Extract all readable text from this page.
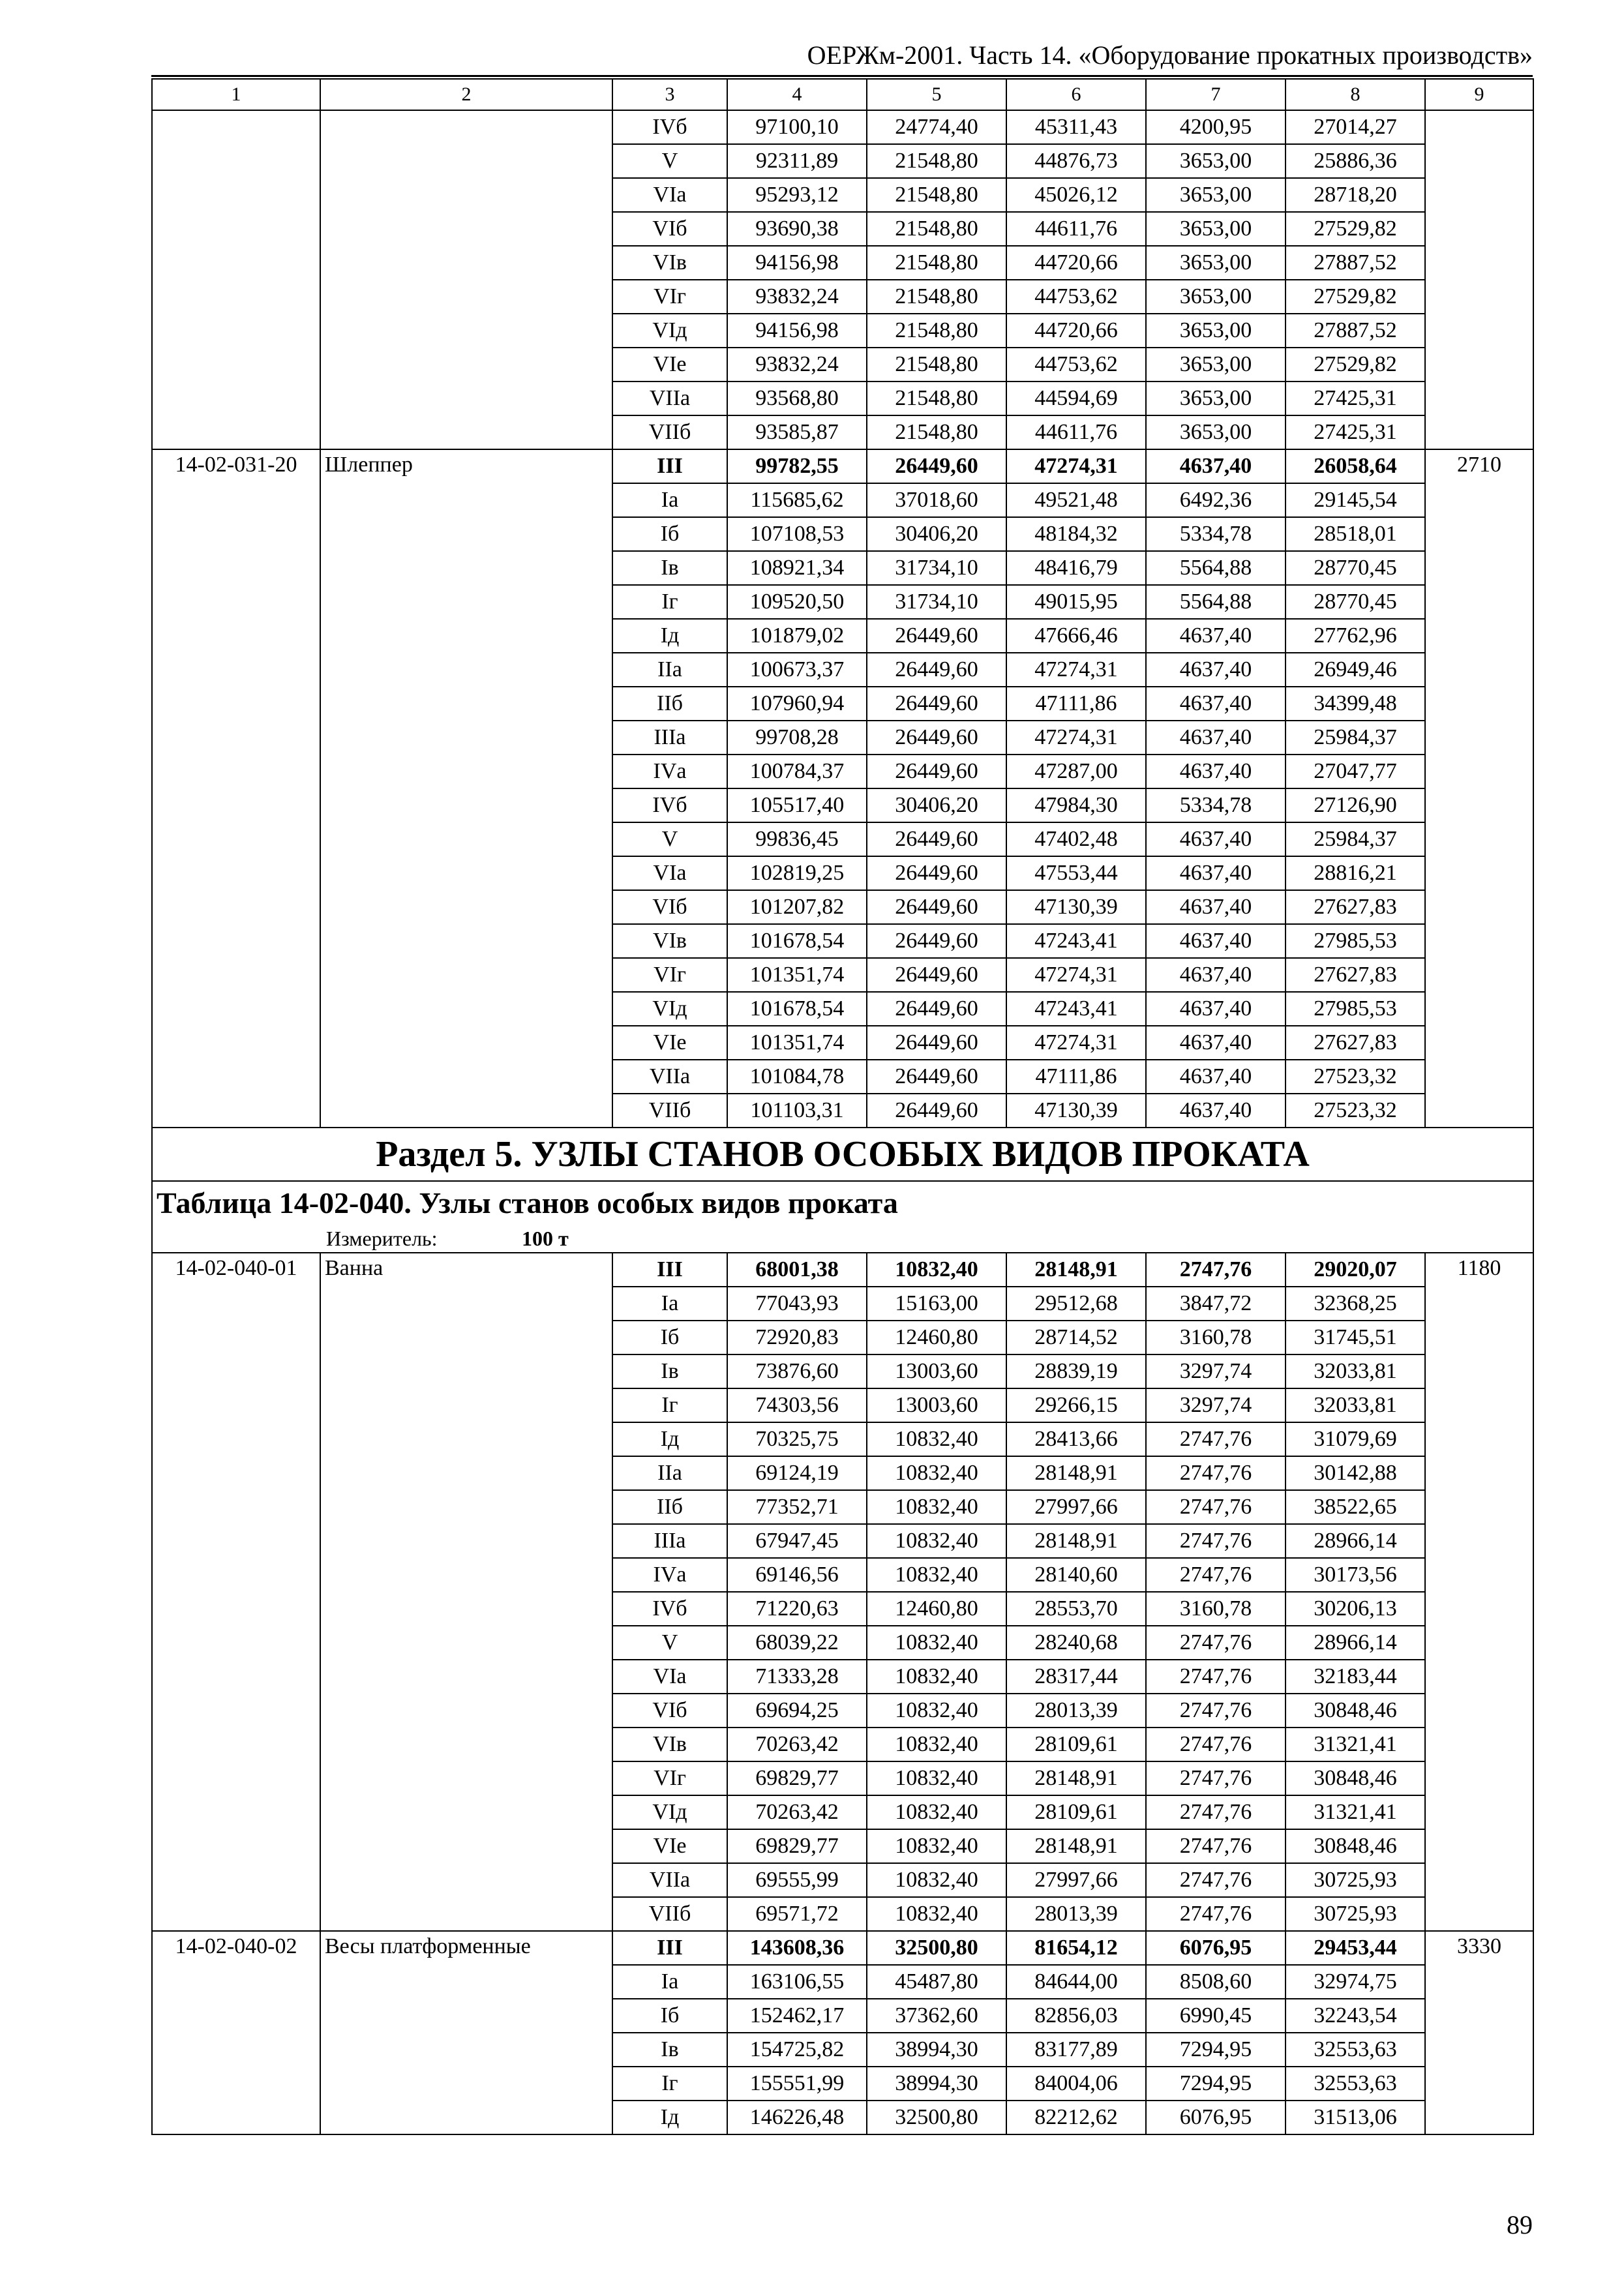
ОЕРЖм-2001. Часть 14. «Оборудование прокатных производств»
1	2	3	4	5	6	7	8	9
		IVб	97100,10	24774,40	45311,43	4200,95	27014,27	
		V	92311,89	21548,80	44876,73	3653,00	25886,36	
		VIа	95293,12	21548,80	45026,12	3653,00	28718,20	
		VIб	93690,38	21548,80	44611,76	3653,00	27529,82	
		VIв	94156,98	21548,80	44720,66	3653,00	27887,52	
		VIг	93832,24	21548,80	44753,62	3653,00	27529,82	
		VIд	94156,98	21548,80	44720,66	3653,00	27887,52	
		VIе	93832,24	21548,80	44753,62	3653,00	27529,82	
		VIIа	93568,80	21548,80	44594,69	3653,00	27425,31	
		VIIб	93585,87	21548,80	44611,76	3653,00	27425,31	
14-02-031-20	Шлеппер	III	99782,55	26449,60	47274,31	4637,40	26058,64	2710
		Iа	115685,62	37018,60	49521,48	6492,36	29145,54	
		Iб	107108,53	30406,20	48184,32	5334,78	28518,01	
		Iв	108921,34	31734,10	48416,79	5564,88	28770,45	
		Iг	109520,50	31734,10	49015,95	5564,88	28770,45	
		Iд	101879,02	26449,60	47666,46	4637,40	27762,96	
		IIа	100673,37	26449,60	47274,31	4637,40	26949,46	
		IIб	107960,94	26449,60	47111,86	4637,40	34399,48	
		IIIа	99708,28	26449,60	47274,31	4637,40	25984,37	
		IVа	100784,37	26449,60	47287,00	4637,40	27047,77	
		IVб	105517,40	30406,20	47984,30	5334,78	27126,90	
		V	99836,45	26449,60	47402,48	4637,40	25984,37	
		VIа	102819,25	26449,60	47553,44	4637,40	28816,21	
		VIб	101207,82	26449,60	47130,39	4637,40	27627,83	
		VIв	101678,54	26449,60	47243,41	4637,40	27985,53	
		VIг	101351,74	26449,60	47274,31	4637,40	27627,83	
		VIд	101678,54	26449,60	47243,41	4637,40	27985,53	
		VIе	101351,74	26449,60	47274,31	4637,40	27627,83	
		VIIа	101084,78	26449,60	47111,86	4637,40	27523,32	
		VIIб	101103,31	26449,60	47130,39	4637,40	27523,32	
Раздел 5. УЗЛЫ СТАНОВ ОСОБЫХ ВИДОВ ПРОКАТА								
Таблица 14-02-040. Узлы станов особых видов проката								
Измеритель: 100 т								
14-02-040-01	Ванна	III	68001,38	10832,40	28148,91	2747,76	29020,07	1180
		Iа	77043,93	15163,00	29512,68	3847,72	32368,25	
		Iб	72920,83	12460,80	28714,52	3160,78	31745,51	
		Iв	73876,60	13003,60	28839,19	3297,74	32033,81	
		Iг	74303,56	13003,60	29266,15	3297,74	32033,81	
		Iд	70325,75	10832,40	28413,66	2747,76	31079,69	
		IIа	69124,19	10832,40	28148,91	2747,76	30142,88	
		IIб	77352,71	10832,40	27997,66	2747,76	38522,65	
		IIIа	67947,45	10832,40	28148,91	2747,76	28966,14	
		IVа	69146,56	10832,40	28140,60	2747,76	30173,56	
		IVб	71220,63	12460,80	28553,70	3160,78	30206,13	
		V	68039,22	10832,40	28240,68	2747,76	28966,14	
		VIа	71333,28	10832,40	28317,44	2747,76	32183,44	
		VIб	69694,25	10832,40	28013,39	2747,76	30848,46	
		VIв	70263,42	10832,40	28109,61	2747,76	31321,41	
		VIг	69829,77	10832,40	28148,91	2747,76	30848,46	
		VIд	70263,42	10832,40	28109,61	2747,76	31321,41	
		VIе	69829,77	10832,40	28148,91	2747,76	30848,46	
		VIIа	69555,99	10832,40	27997,66	2747,76	30725,93	
		VIIб	69571,72	10832,40	28013,39	2747,76	30725,93	
14-02-040-02	Весы платформенные	III	143608,36	32500,80	81654,12	6076,95	29453,44	3330
		Iа	163106,55	45487,80	84644,00	8508,60	32974,75	
		Iб	152462,17	37362,60	82856,03	6990,45	32243,54	
		Iв	154725,82	38994,30	83177,89	7294,95	32553,63	
		Iг	155551,99	38994,30	84004,06	7294,95	32553,63	
		Iд	146226,48	32500,80	82212,62	6076,95	31513,06	
89
